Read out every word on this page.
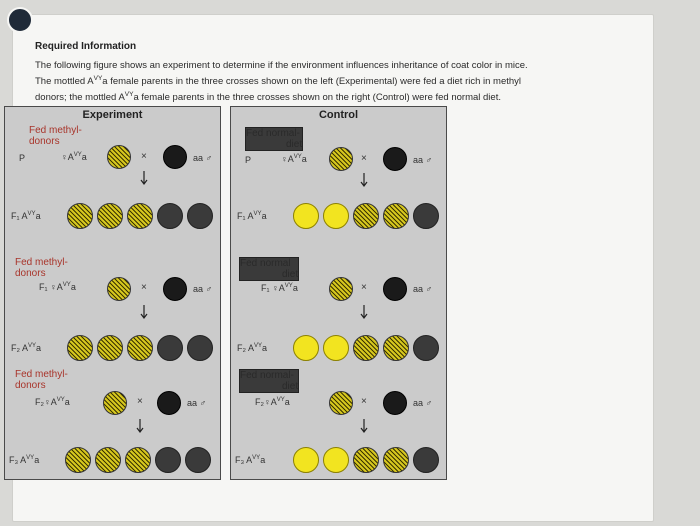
Required Information
The following figure shows an experiment to determine if the environment influences inheritance of coat color in mice.
The mottled $A^{VY}a$ female parents in the three crosses shown on the left (Experimental) were fed a diet rich in methyl
donors; the mottled $A^{VY}a$ female parents in the three crosses shown on the right (Control) were fed normal diet.
Experiment
Fed methyl-
donors
P	$♀A^{VY}a$	×	aa ♂
F₁ $A^{VY}a$
Fed methyl-
donors
F₁ $♀A^{VY}a$	×	aa ♂
F₂ $A^{VY}a$
Fed methyl-
donors
$F_2♀A^{VY}a$	×	aa ♂
F₃ $A^{VY}a$
Control
Fed normal-
diet
P	$♀A^{VY}a$	×	aa ♂
F₁ $A^{VY}a$
Fed normal
diet
F₁ $♀A^{VY}a$	×	aa ♂
F₂ $A^{VY}a$
Fed normal-
diet
$F_2♀A^{VY}a$	×	aa ♂
F₃ $A^{VY}a$
